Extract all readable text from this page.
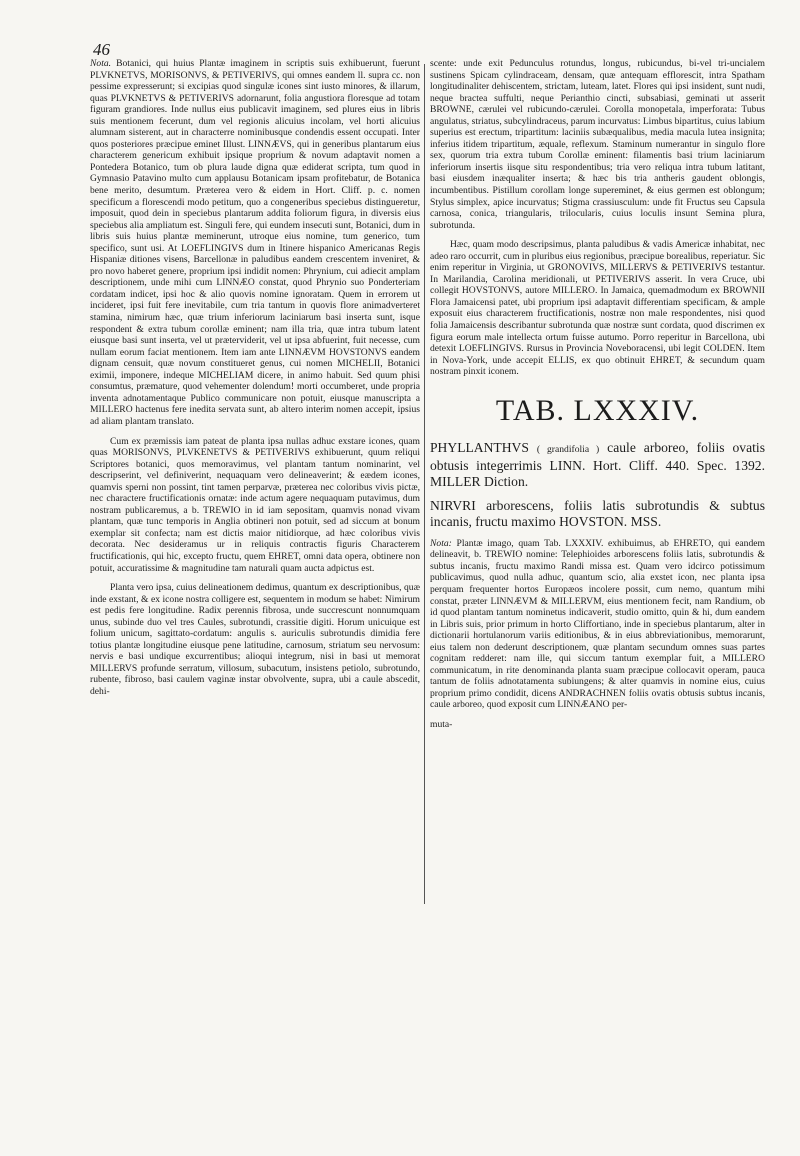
46

Nota. Botanici, qui huius Plantæ imaginem in scriptis suis exhibuerunt, fuerunt PLVKNETVS, MORISONVS, & PETIVERIVS, qui omnes eandem ll. supra cc. non pessime expresserunt; si excipias quod singulæ icones sint iusto minores, & illarum, quas PLVKNETVS & PETIVERIVS adornarunt, folia angustiora floresque ad totam figuram grandiores. Inde nullus eius publicavit imaginem, sed plures eius in libris suis mentionem fecerunt, dum vel regionis alicuius incolam, vel horti alicuius alumnam sisterent, aut in characterre nominibusque condendis essent occupati. Inter quos posteriores præcipue eminet Illust. LINNÆVS, qui in generibus plantarum eius characterem genericum exhibuit ipsique proprium & novum adaptavit nomen a Pontedera Botanico, tum ob plura laude digna quæ ediderat scripta, tum quod in Gymnasio Patavino multo cum applausu Botanicam ipsam profitebatur, de Botanica bene merito, desumtum. Præterea vero & eidem in Hort. Cliff. p. c. nomen specificum a florescendi modo petitum, quo a congeneribus speciebus distingueretur, imposuit, quod dein in speciebus plantarum addita foliorum figura, in diversis eius speciebus alia ampliatum est. Singuli fere, qui eundem insecuti sunt, Botanici, dum in libris suis huius plantæ meminerunt, utroque eius nomine, tum generico, tum specifico, sunt usi. At LOEFLINGIVS dum in Itinere hispanico Americanas Regis Hispaniæ ditiones visens, Barcellonæ in paludibus eandem crescentem inveniret, & pro novo haberet genere, proprium ipsi indidit nomen: Phrynium, cui adiecit amplam descriptionem, unde mihi cum LINNÆO constat, quod Phrynio suo Ponderteriam cordatam indicet, ipsi hoc & alio quovis nomine ignoratam. Quem in errorem ut incideret, ipsi fuit fere inevitabile, cum tria tantum in quovis flore animadverteret stamina, nimirum hæc, quæ trium inferiorum laciniarum basi inserta sunt, isque respondent & extra tubum corollæ eminent; nam illa tria, quæ intra tubum latent eiusque basi sunt inserta, vel ut præterviderit, vel ut ipsa abfuerint, fuit necesse, cum nullam eorum faciat mentionem. Item iam ante LINNÆVM HOVSTONVS eandem dignam censuit, quæ novum constitueret genus, cui nomen MICHELII, Botanici eximii, imponere, indeque MICHELIAM dicere, in animo habuit. Sed quum phisi consumtus, præmature, quod vehementer dolendum! morti occumberet, unde propria inventa adnotamentaque Publico communicare non potuit, eiusque manuscripta a MILLERO hactenus fere inedita servata sunt, ab altero interim nomen accepit, ipsius ad aliam plantam translato.

Cum ex præmissis iam pateat de planta ipsa nullas adhuc exstare icones, quam quas MORISONVS, PLVKENETVS & PETIVERIVS exhibuerunt, quum reliqui Scriptores botanici, quos memoravimus, vel plantam tantum nominarint, vel descripserint, vel definiverint, nequaquam vero delineaverint; & eædem icones, quamvis sperni non possint, tint tamen perparvæ, præterea nec coloribus vivis pictæ, nec charactere fructificationis ornatæ: inde actum agere nequaquam putavimus, dum nostram publicaremus, a b. TREWIO in id iam sepositam, quamvis nonad vivam plantam, quæ tunc temporis in Anglia obtineri non potuit, sed ad siccum at bonum exemplar sit confecta; nam est dictis maior nitidiorque, ad hæc coloribus vivis decorata. Nec desideramus ur in reliquis contractis figuris Characterem fructificationis, qui hic, excepto fructu, quem EHRET, omni data opera, obtinere non potuit, accuratissime & magnitudine tam naturali quam aucta adpictus est.

Planta vero ipsa, cuius delineationem dedimus, quantum ex descriptionibus, quæ inde exstant, & ex icone nostra colligere est, sequentem in modum se habet: Nimirum est pedis fere longitudine. Radix perennis fibrosa, unde succrescunt nonnumquam unus, subinde duo vel tres Caules, subrotundi, crassitie digiti. Horum unicuique est folium unicum, sagittato-cordatum: angulis s. auriculis subrotundis dimidia fere totius plantæ longitudine eiusque pene latitudine, carnosum, striatum seu nervosum: nervis e basi undique excurrentibus; alioqui integrum, nisi in basi ut memorat MILLERVS profunde serratum, villosum, subacutum, insistens petiolo, subrotundo, rubente, fibroso, basi caulem vaginæ instar obvolvente, supra, ubi a caule abscedit, dehi-

scente: unde exit Pedunculus rotundus, longus, rubicundus, bi-vel tri-uncialem sustinens Spicam cylindraceam, densam, quæ antequam efflorescit, intra Spatham longitudinaliter dehiscentem, strictam, luteam, latet. Flores qui ipsi insident, sunt nudi, neque bractea suffulti, neque Perianthio cincti, subsabiasi, geminati ut asserit BROWNE, cærulei vel rubicundo-cærulei. Corolla monopetala, imperforata: Tubus angulatus, striatus, subcylindraceus, parum incurvatus: Limbus bipartitus, cuius labium superius est erectum, tripartitum: laciniis subæqualibus, media macula lutea insignita; inferius itidem tripartitum, æquale, reflexum. Staminum numerantur in singulo flore sex, quorum tria extra tubum Corollæ eminent: filamentis basi trium laciniarum inferiorum insertis iisque situ respondentibus; tria vero reliqua intra tubum latitant, basi eiusdem inæqualiter inserta; & hæc bis tria antheris gaudent oblongis, incumbentibus. Pistillum corollam longe supereminet, & eius germen est oblongum; Stylus simplex, apice incurvatus; Stigma crassiusculum: unde fit Fructus seu Capsula carnosa, conica, triangularis, trilocularis, cuius loculis insunt Semina plura, subrotunda.

Hæc, quam modo descripsimus, planta paludibus & vadis Americæ inhabitat, nec adeo raro occurrit, cum in pluribus eius regionibus, præcipue borealibus, reperiatur. Sic enim reperitur in Virginia, ut GRONOVIVS, MILLERVS & PETIVERIVS testantur. In Marilandia, Carolina meridionali, ut PETIVERIVS asserit. In vera Cruce, ubi collegit HOVSTONVS, autore MILLERO. In Jamaica, quemadmodum ex BROWNII Flora Jamaicensi patet, ubi proprium ipsi adaptavit differentiam specificam, & ample exposuit eius characterem fructificationis, nostræ non male respondentes, nisi quod folia Jamaicensis describantur subrotunda quæ nostræ sunt cordata, quod discrimen ex figura eorum male intellecta ortum fuisse autumo. Porro reperitur in Barcellona, ubi detexit LOEFLINGIVS. Rursus in Provincia Noveboracensi, ubi legit COLDEN. Item in Nova-York, unde accepit ELLIS, ex quo obtinuit EHRET, & secundum quam nostram pinxit iconem.

TAB. LXXXIV.

PHYLLANTHVS ( grandifolia ) caule arboreo, foliis ovatis obtusis integerrimis LINN. Hort. Cliff. 440. Spec. 1392. MILLER Diction.

NIRVRI arborescens, foliis latis subrotundis & subtus incanis, fructu maximo HOVSTON. MSS.

Nota: Plantæ imago, quam Tab. LXXXIV. exhibuimus, ab EHRETO, qui eandem delineavit, b. TREWIO nomine: Telephioides arborescens foliis latis, subrotundis & subtus incanis, fructu maximo Randi missa est. Quam vero idcirco potissimum publicavimus, quod nulla adhuc, quantum scio, alia exstet icon, nec planta ipsa perquam frequenter hortos Europæos incolere possit, cum nemo, quantum mihi constat, præter LINNÆVM & MILLERVM, eius mentionem fecit, nam Randium, ob id quod plantam tantum nominetus indicaverit, studio omitto, quin & hi, dum eandem in Libris suis, prior primum in horto Cliffortiano, inde in speciebus plantarum, alter in dictionarii hortulanorum variis editionibus, & in eius abbreviationibus, memorarunt, eius talem non dederunt descriptionem, quæ plantam secundum omnes suas partes cognitam redderet: nam ille, qui siccum tantum exemplar fuit, a MILLERO communicatum, in rite denominanda planta suam præcipue collocavit operam, pauca tantum de foliis adnotatamenta subiungens; & alter quamvis in nomine eius, cuius proprium primo condidit, dicens ANDRACHNEN foliis ovatis obtusis subtus incanis, caule arboreo, quod exposit cum LINNÆANO per-

muta-
